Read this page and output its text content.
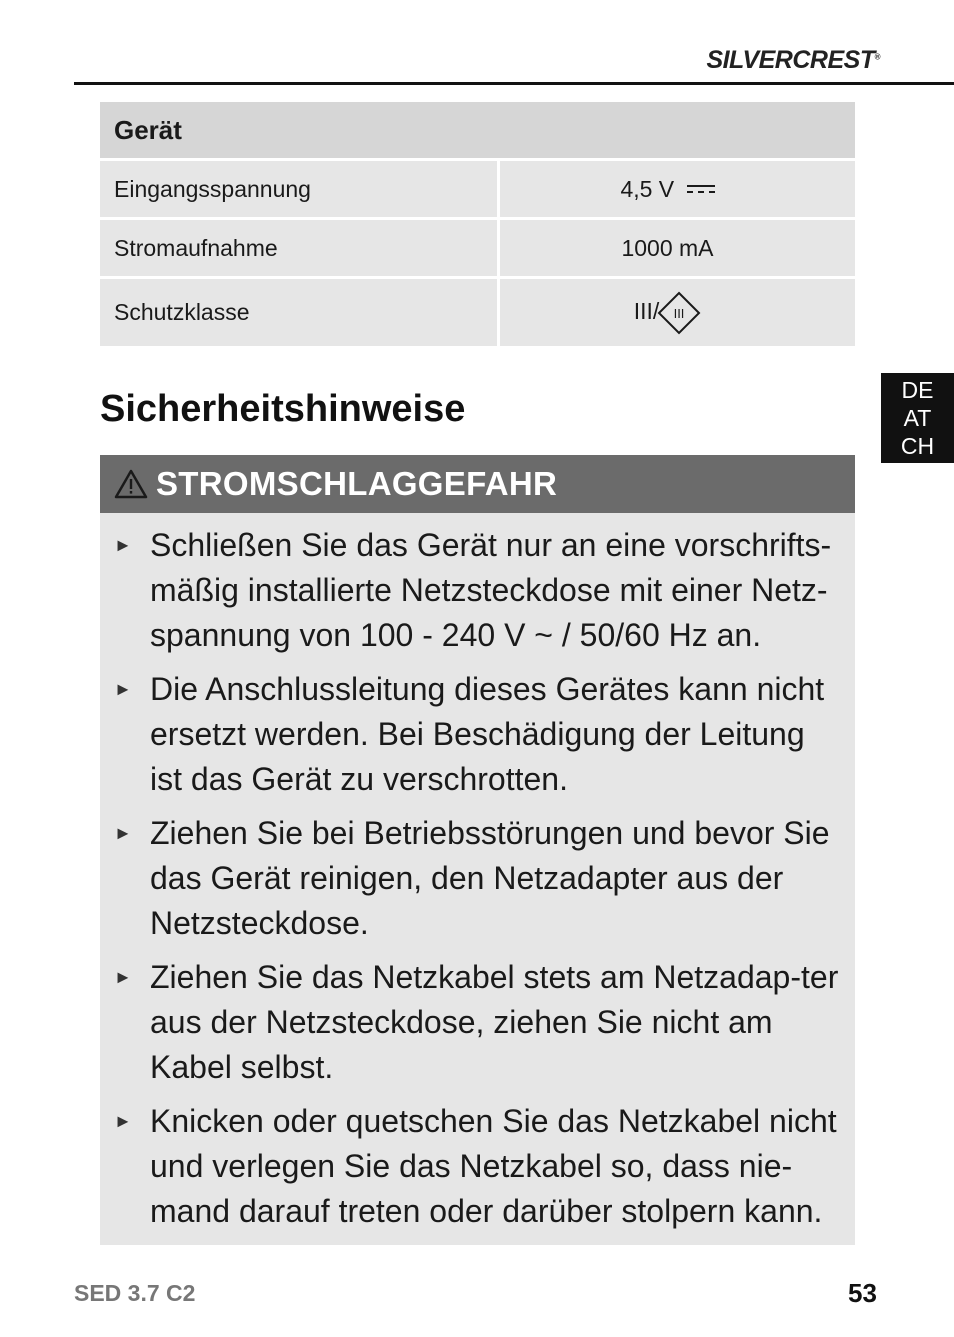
SILVERCREST®
Gerät	
Eingangsspannung	4,5 V
Stromaufnahme	1000 mA
Schutzklasse	III/ III
DE
AT
CH
Sicherheitshinweise
STROMSCHLAGGEFAHR
► Schließen Sie das Gerät nur an eine vorschrifts-mäßig installierte Netzsteckdose mit einer Netz-spannung von 100 - 240 V ~ / 50/60 Hz an.
► Die Anschlussleitung dieses Gerätes kann nicht ersetzt werden. Bei Beschädigung der Leitung ist das Gerät zu verschrotten.
► Ziehen Sie bei Betriebsstörungen und bevor Sie das Gerät reinigen, den Netzadapter aus der Netzsteckdose.
► Ziehen Sie das Netzkabel stets am Netzadap-ter aus der Netzsteckdose, ziehen Sie nicht am Kabel selbst.
► Knicken oder quetschen Sie das Netzkabel nicht und verlegen Sie das Netzkabel so, dass nie-mand darauf treten oder darüber stolpern kann.
SED 3.7 C2	53
